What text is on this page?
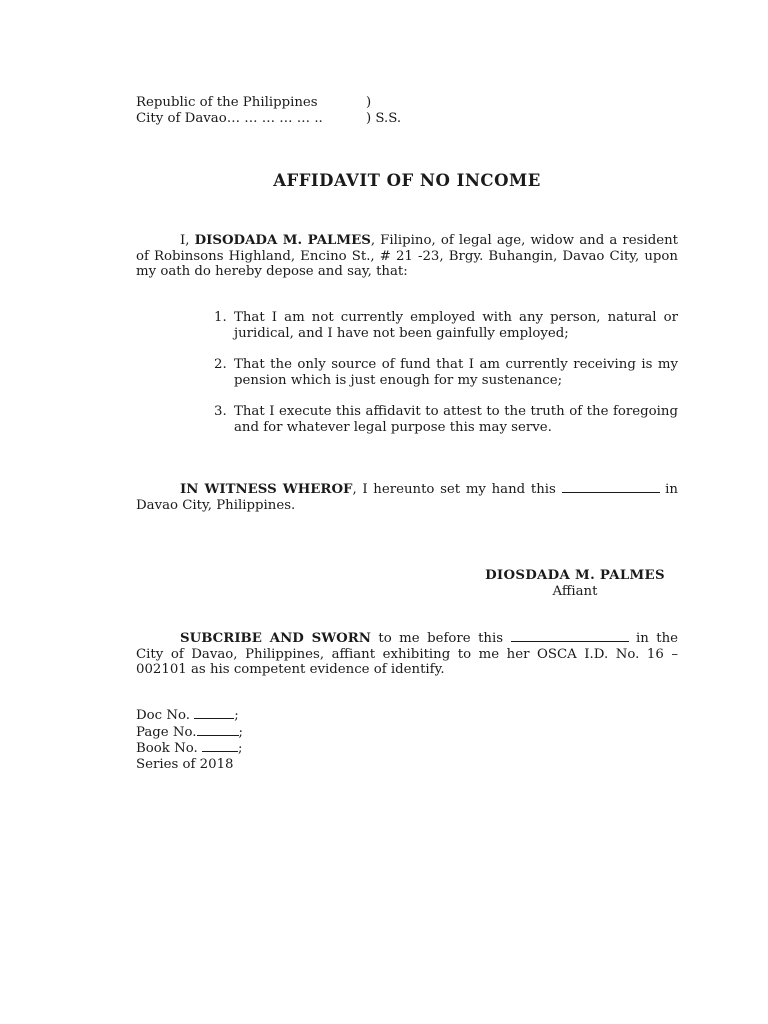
Republic of the Philippines	)
City of Davao… … … … … ..	) S.S.
AFFIDAVIT OF NO INCOME
I, DISODADA M. PALMES, Filipino, of legal age, widow and a resident of Robinsons Highland, Encino St., # 21 -23, Brgy. Buhangin, Davao City, upon my oath do hereby depose and say, that:
1. That I am not currently employed with any person, natural or juridical, and I have not been gainfully employed;
2. That the only source of fund that I am currently receiving is my pension which is just enough for my sustenance;
3. That I execute this affidavit to attest to the truth of the foregoing and for whatever legal purpose this may serve.
IN WITNESS WHEROF, I hereunto set my hand this	in Davao City, Philippines.
DIOSDADA M. PALMES
Affiant
SUBCRIBE AND SWORN to me before this	in the City of Davao, Philippines, affiant exhibiting to me her OSCA I.D. No. 16 – 002101 as his competent evidence of identify.
Doc No.	;
Page No.	;
Book No.	;
Series of 2018
